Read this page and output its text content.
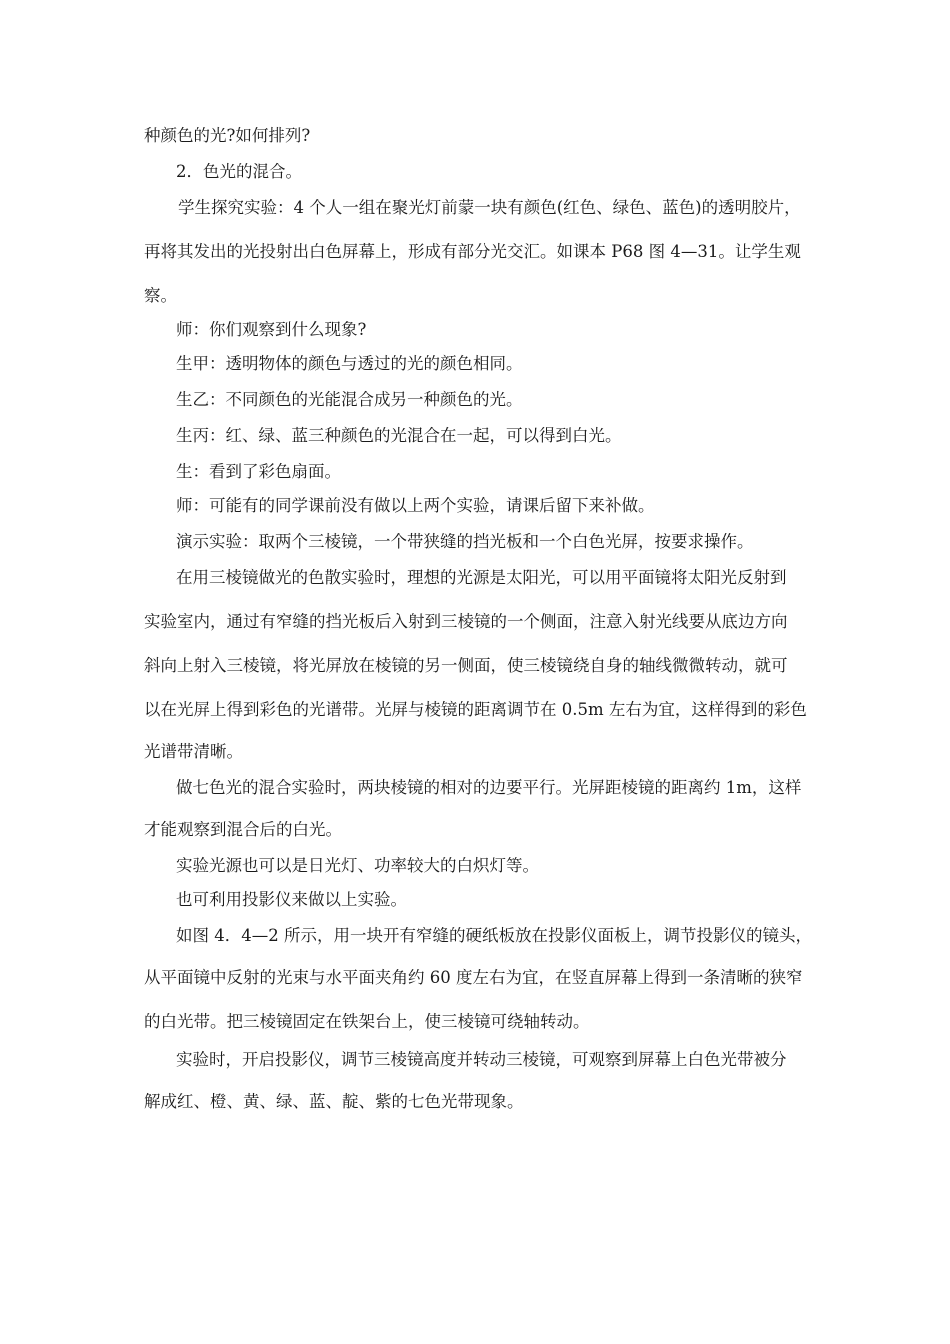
种颜色的光?如何排列?
2．色光的混合。
学生探究实验：4 个人一组在聚光灯前蒙一块有颜色(红色、绿色、蓝色)的透明胶片，
再将其发出的光投射出白色屏幕上，形成有部分光交汇。如课本 P68 图 4—31。让学生观
察。
师：你们观察到什么现象?
生甲：透明物体的颜色与透过的光的颜色相同。
生乙：不同颜色的光能混合成另一种颜色的光。
生丙：红、绿、蓝三种颜色的光混合在一起，可以得到白光。
生：看到了彩色扇面。
师：可能有的同学课前没有做以上两个实验，请课后留下来补做。
演示实验：取两个三棱镜，一个带狭缝的挡光板和一个白色光屏，按要求操作。
在用三棱镜做光的色散实验时，理想的光源是太阳光，可以用平面镜将太阳光反射到
实验室内，通过有窄缝的挡光板后入射到三棱镜的一个侧面，注意入射光线要从底边方向
斜向上射入三棱镜，将光屏放在棱镜的另一侧面，使三棱镜绕自身的轴线微微转动，就可
以在光屏上得到彩色的光谱带。光屏与棱镜的距离调节在 0.5m 左右为宜，这样得到的彩色
光谱带清晰。
做七色光的混合实验时，两块棱镜的相对的边要平行。光屏距棱镜的距离约 1m，这样
才能观察到混合后的白光。
实验光源也可以是日光灯、功率较大的白炽灯等。
也可利用投影仪来做以上实验。
如图 4．4—2 所示，用一块开有窄缝的硬纸板放在投影仪面板上，调节投影仪的镜头，
从平面镜中反射的光束与水平面夹角约 60 度左右为宜，在竖直屏幕上得到一条清晰的狭窄
的白光带。把三棱镜固定在铁架台上，使三棱镜可绕轴转动。
实验时，开启投影仪，调节三棱镜高度并转动三棱镜，可观察到屏幕上白色光带被分
解成红、橙、黄、绿、蓝、靛、紫的七色光带现象。
